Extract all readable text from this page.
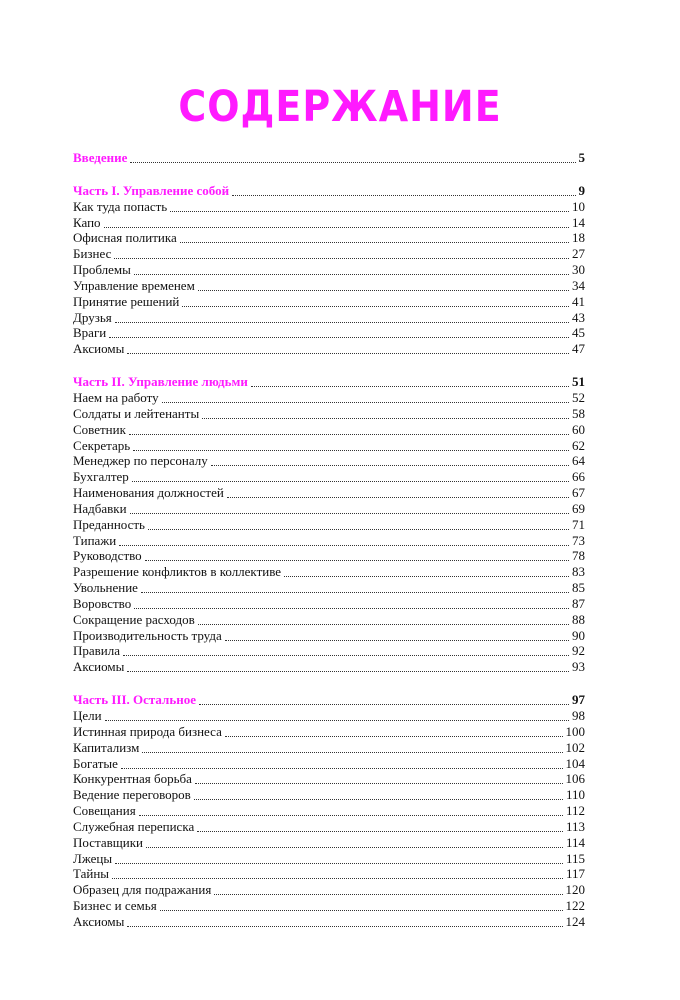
СОДЕРЖАНИЕ
Введение	5
Часть I. Управление собой	9
Как туда попасть	10
Капо	14
Офисная политика	18
Бизнес	27
Проблемы	30
Управление временем	34
Принятие решений	41
Друзья	43
Враги	45
Аксиомы	47
Часть II. Управление людьми	51
Наем на работу	52
Солдаты и лейтенанты	58
Советник	60
Секретарь	62
Менеджер по персоналу	64
Бухгалтер	66
Наименования должностей	67
Надбавки	69
Преданность	71
Типажи	73
Руководство	78
Разрешение конфликтов в коллективе	83
Увольнение	85
Воровство	87
Сокращение расходов	88
Производительность труда	90
Правила	92
Аксиомы	93
Часть III. Остальное	97
Цели	98
Истинная природа бизнеса	100
Капитализм	102
Богатые	104
Конкурентная борьба	106
Ведение переговоров	110
Совещания	112
Служебная переписка	113
Поставщики	114
Лжецы	115
Тайны	117
Образец для подражания	120
Бизнес и семья	122
Аксиомы	124
